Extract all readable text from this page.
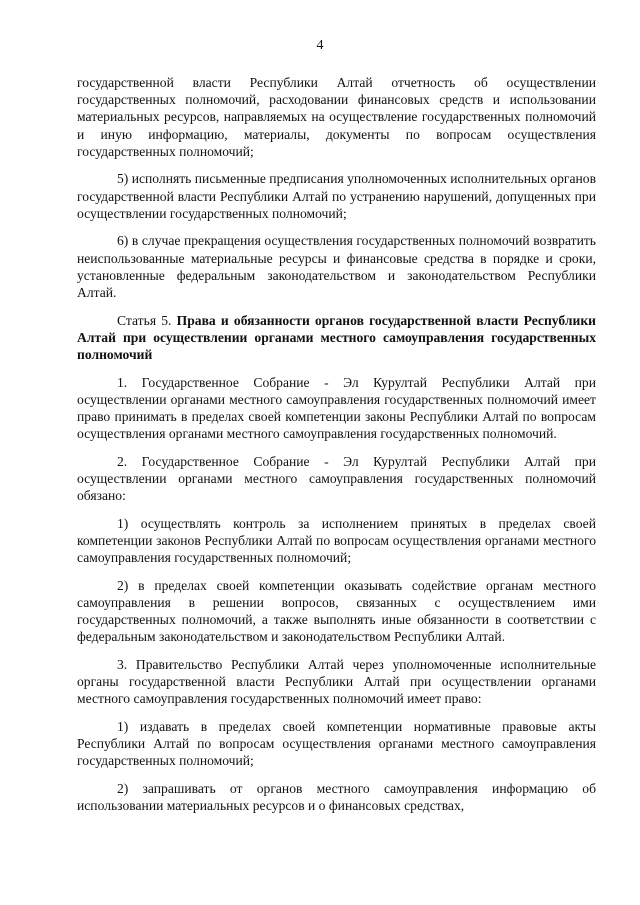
4

государственной власти Республики Алтай отчетность об осуществлении государственных полномочий, расходовании финансовых средств и использовании материальных ресурсов, направляемых на осуществление государственных полномочий и иную информацию, материалы, документы по вопросам осуществления государственных полномочий;

5) исполнять письменные предписания уполномоченных исполнительных органов государственной власти Республики Алтай по устранению нарушений, допущенных при осуществлении государственных полномочий;

6) в случае прекращения осуществления государственных полномочий возвратить неиспользованные материальные ресурсы и финансовые средства в порядке и сроки, установленные федеральным законодательством и законодательством Республики Алтай.

Статья 5. Права и обязанности органов государственной власти Республики Алтай при осуществлении органами местного самоуправления государственных полномочий

1. Государственное Собрание - Эл Курултай Республики Алтай при осуществлении органами местного самоуправления государственных полномочий имеет право принимать в пределах своей компетенции законы Республики Алтай по вопросам осуществления органами местного самоуправления государственных полномочий.

2. Государственное Собрание - Эл Курултай Республики Алтай при осуществлении органами местного самоуправления государственных полномочий обязано:

1) осуществлять контроль за исполнением принятых в пределах своей компетенции законов Республики Алтай по вопросам осуществления органами местного самоуправления государственных полномочий;

2) в пределах своей компетенции оказывать содействие органам местного самоуправления в решении вопросов, связанных с осуществлением ими государственных полномочий, а также выполнять иные обязанности в соответствии с федеральным законодательством и законодательством Республики Алтай.

3. Правительство Республики Алтай через уполномоченные исполнительные органы государственной власти Республики Алтай при осуществлении органами местного самоуправления государственных полномочий имеет право:

1) издавать в пределах своей компетенции нормативные правовые акты Республики Алтай по вопросам осуществления органами местного самоуправления государственных полномочий;

2) запрашивать от органов местного самоуправления информацию об использовании материальных ресурсов и о финансовых средствах,
